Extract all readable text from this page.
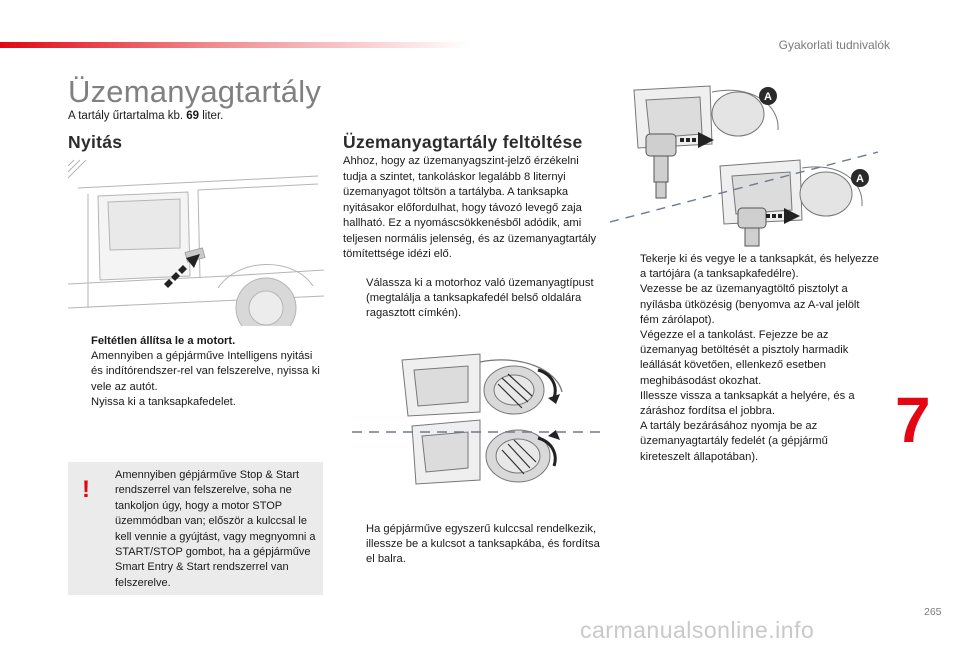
Gyakorlati tudnivalók
Üzemanyagtartály

A tartály űrtartalma kb. 69 liter.

Nyitás
Feltétlen állítsa le a motort.
Amennyiben a gépjárműve Intelligens nyitási és indítórendszer-rel van felszerelve, nyissa ki vele az autót.
Nyissa ki a tanksapkafedelet.
!

Amennyiben gépjárműve Stop & Start rendszerrel van felszerelve, soha ne tankoljon úgy, hogy a motor STOP üzemmódban van; először a kulccsal le kell vennie a gyújtást, vagy megnyomni a START/STOP gombot, ha a gépjárműve Smart Entry & Start rendszerrel van felszerelve.

Üzemanyagtartály feltöltése

Ahhoz, hogy az üzemanyagszint-jelző érzékelni tudja a szintet, tankoláskor legalább 8 liternyi üzemanyagot töltsön a tartályba. A tanksapka nyitásakor előfordulhat, hogy távozó levegő zaja hallható. Ez a nyomáscsökkenésből adódik, ami teljesen normális jelenség, és az üzemanyagtartály tömítettsége idézi elő.

Válassza ki a motorhoz való üzemanyagtípust (megtalálja a tanksapkafedél belső oldalára ragasztott címkén).
Ha gépjárműve egyszerű kulccsal rendelkezik, illessze be a kulcsot a tanksapkába, és fordítsa el balra.
A
A
Tekerje ki és vegye le a tanksapkát, és helyezze a tartójára (a tanksapkafedélre).
Vezesse be az üzemanyagtöltő pisztolyt a nyílásba ütközésig (benyomva az A-val jelölt fém zárólapot).
Végezze el a tankolást. Fejezze be az üzemanyag betöltését a pisztoly harmadik leállását követően, ellenkező esetben meghibásodást okozhat.
Illessze vissza a tanksapkát a helyére, és a záráshoz fordítsa el jobbra.
A tartály bezárásához nyomja be az üzemanyagtartály fedelét (a gépjármű kireteszelt állapotában).
7
265
carmanualsonline.info
